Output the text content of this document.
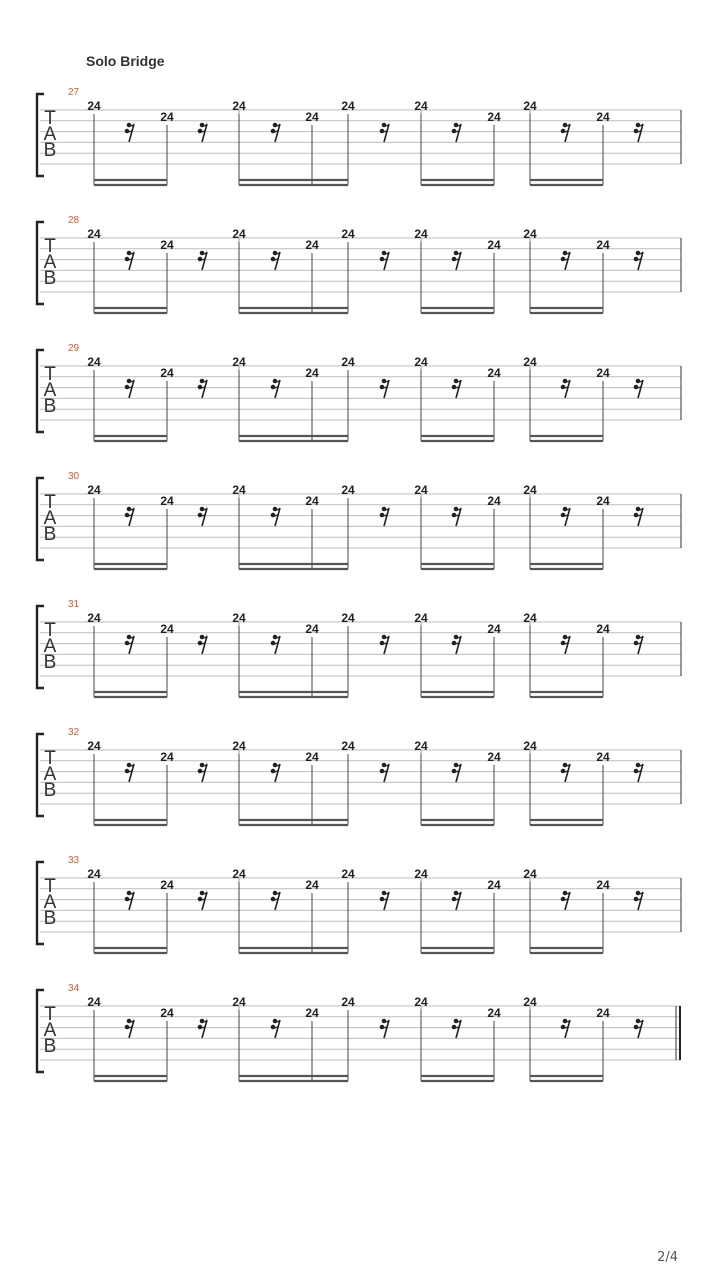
Solo Bridge
T
A
B
27
24
24
24
24
24	24
24
24
24
T
A
B
28
24
24
24
24
24	24
24
24
24
T
A
B
29
24
24
24
24
24	24
24
24
24
T
A
B
30
24
24
24
24
24	24
24
24
24
T
A
B
31
24
24
24
24
24	24
24
24
24
T
A
B
32
24
24
24
24
24	24
24
24
24
T
A
B
33
24
24
24
24
24	24
24
24
24
T
A
B
34
24
24
24
24
24	24
24
24
24
2/4
